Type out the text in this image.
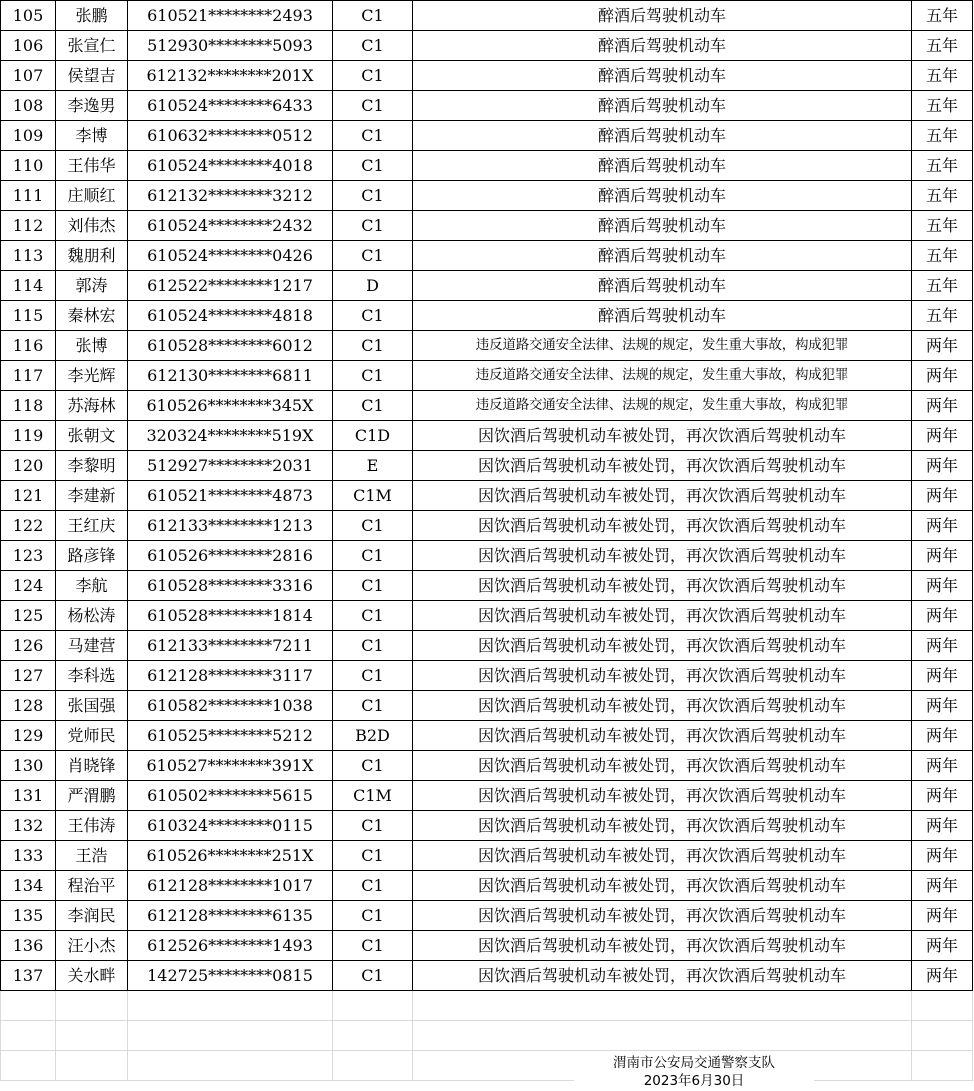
105	张鹏	610521********2493	C1	醉酒后驾驶机动车	五年
106	张宣仁	512930********5093	C1	醉酒后驾驶机动车	五年
107	侯望吉	612132********201X	C1	醉酒后驾驶机动车	五年
108	李逸男	610524********6433	C1	醉酒后驾驶机动车	五年
109	李博	610632********0512	C1	醉酒后驾驶机动车	五年
110	王伟华	610524********4018	C1	醉酒后驾驶机动车	五年
111	庄顺红	612132********3212	C1	醉酒后驾驶机动车	五年
112	刘伟杰	610524********2432	C1	醉酒后驾驶机动车	五年
113	魏朋利	610524********0426	C1	醉酒后驾驶机动车	五年
114	郭涛	612522********1217	D	醉酒后驾驶机动车	五年
115	秦林宏	610524********4818	C1	醉酒后驾驶机动车	五年
116	张博	610528********6012	C1	违反道路交通安全法律、法规的规定，发生重大事故，构成犯罪	两年
117	李光辉	612130********6811	C1	违反道路交通安全法律、法规的规定，发生重大事故，构成犯罪	两年
118	苏海林	610526********345X	C1	违反道路交通安全法律、法规的规定，发生重大事故，构成犯罪	两年
119	张朝文	320324********519X	C1D	因饮酒后驾驶机动车被处罚，再次饮酒后驾驶机动车	两年
120	李黎明	512927********2031	E	因饮酒后驾驶机动车被处罚，再次饮酒后驾驶机动车	两年
121	李建新	610521********4873	C1M	因饮酒后驾驶机动车被处罚，再次饮酒后驾驶机动车	两年
122	王红庆	612133********1213	C1	因饮酒后驾驶机动车被处罚，再次饮酒后驾驶机动车	两年
123	路彦锋	610526********2816	C1	因饮酒后驾驶机动车被处罚，再次饮酒后驾驶机动车	两年
124	李航	610528********3316	C1	因饮酒后驾驶机动车被处罚，再次饮酒后驾驶机动车	两年
125	杨松涛	610528********1814	C1	因饮酒后驾驶机动车被处罚，再次饮酒后驾驶机动车	两年
126	马建营	612133********7211	C1	因饮酒后驾驶机动车被处罚，再次饮酒后驾驶机动车	两年
127	李科选	612128********3117	C1	因饮酒后驾驶机动车被处罚，再次饮酒后驾驶机动车	两年
128	张国强	610582********1038	C1	因饮酒后驾驶机动车被处罚，再次饮酒后驾驶机动车	两年
129	党师民	610525********5212	B2D	因饮酒后驾驶机动车被处罚，再次饮酒后驾驶机动车	两年
130	肖晓锋	610527********391X	C1	因饮酒后驾驶机动车被处罚，再次饮酒后驾驶机动车	两年
131	严渭鹏	610502********5615	C1M	因饮酒后驾驶机动车被处罚，再次饮酒后驾驶机动车	两年
132	王伟涛	610324********0115	C1	因饮酒后驾驶机动车被处罚，再次饮酒后驾驶机动车	两年
133	王浩	610526********251X	C1	因饮酒后驾驶机动车被处罚，再次饮酒后驾驶机动车	两年
134	程治平	612128********1017	C1	因饮酒后驾驶机动车被处罚，再次饮酒后驾驶机动车	两年
135	李润民	612128********6135	C1	因饮酒后驾驶机动车被处罚，再次饮酒后驾驶机动车	两年
136	汪小杰	612526********1493	C1	因饮酒后驾驶机动车被处罚，再次饮酒后驾驶机动车	两年
137	关水畔	142725********0815	C1	因饮酒后驾驶机动车被处罚，再次饮酒后驾驶机动车	两年

渭南市公安局交通警察支队
2023年6月30日
